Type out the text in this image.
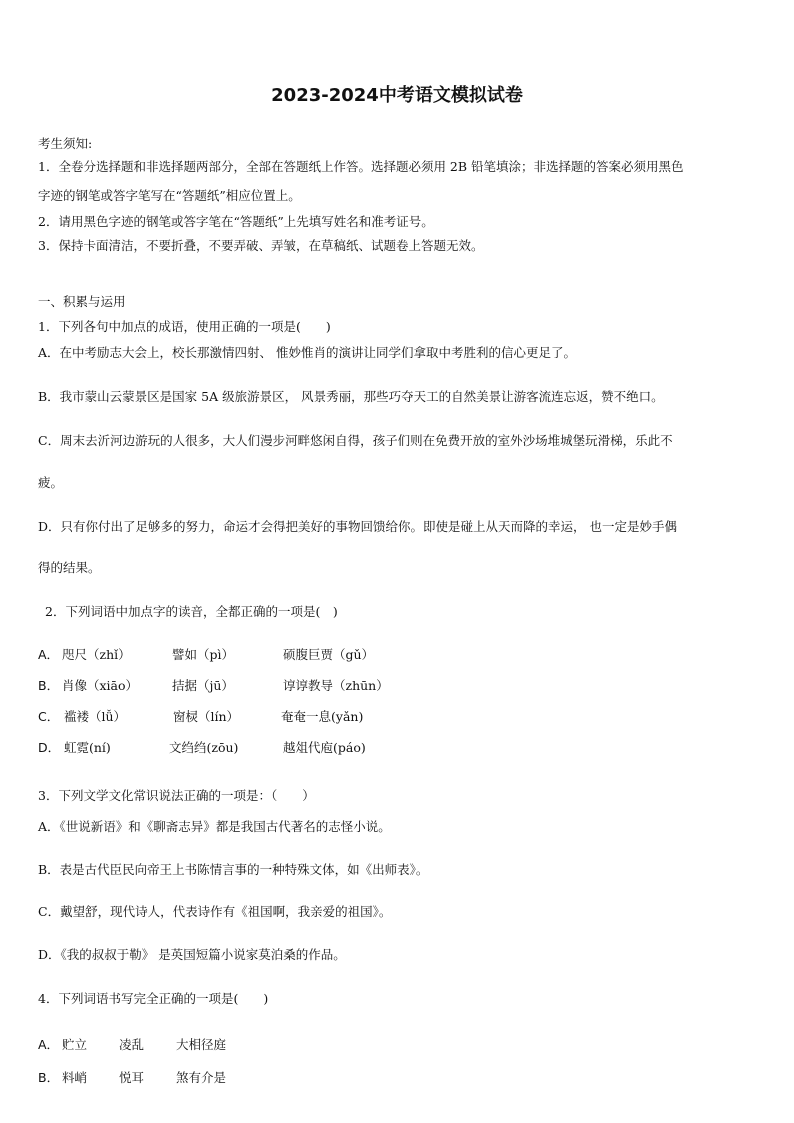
2023-2024中考语文模拟试卷
考生须知:
1．全卷分选择题和非选择题两部分，全部在答题纸上作答。选择题必须用 2B 铅笔填涂；非选择题的答案必须用黑色
字迹的钢笔或答字笔写在“答题纸”相应位置上。
2．请用黑色字迹的钢笔或答字笔在“答题纸”上先填写姓名和准考证号。
3．保持卡面清洁，不要折叠，不要弄破、弄皱，在草稿纸、试题卷上答题无效。
一、积累与运用
1．下列各句中加点的成语，使用正确的一项是(　　)
A．在中考励志大会上，校长那激情四射、 惟妙惟肖的演讲让同学们拿取中考胜利的信心更足了。
B．我市蒙山云蒙景区是国家 5A 级旅游景区， 风景秀丽，那些巧夺天工的自然美景让游客流连忘返，赞不绝口。
C．周末去沂河边游玩的人很多，大人们漫步河畔悠闲自得，孩子们则在免费开放的室外沙场堆城堡玩滑梯，乐此不
疲。
D．只有你付出了足够多的努力，命运才会得把美好的事物回馈给你。即使是碰上从天而降的幸运， 也一定是妙手偶
得的结果。
2．下列词语中加点字的读音，全都正确的一项是(　)
A． 咫尺（zhǐ）	譬如（pì）	硕腹巨贾（gǔ）
B． 肖像（xiāo）	拮据（jū）	谆谆教导（zhūn）
C． 褴褛（lǚ）	窗棂（lín）	奄奄一息(yǎn)
D． 虹霓(ní)	文绉绉(zōu)	越俎代庖(páo)
3．下列文学文化常识说法正确的一项是：（　　）
A．《世说新语》和《聊斋志异》都是我国古代著名的志怪小说。
B．表是古代臣民向帝王上书陈情言事的一种特殊文体，如《出师表》。
C．戴望舒，现代诗人，代表诗作有《祖国啊，我亲爱的祖国》。
D．《我的叔叔于勒》 是英国短篇小说家莫泊桑的作品。
4．下列词语书写完全正确的一项是(　　)
A． 贮立	凌乱	大相径庭
B． 料峭	悦耳	煞有介是
